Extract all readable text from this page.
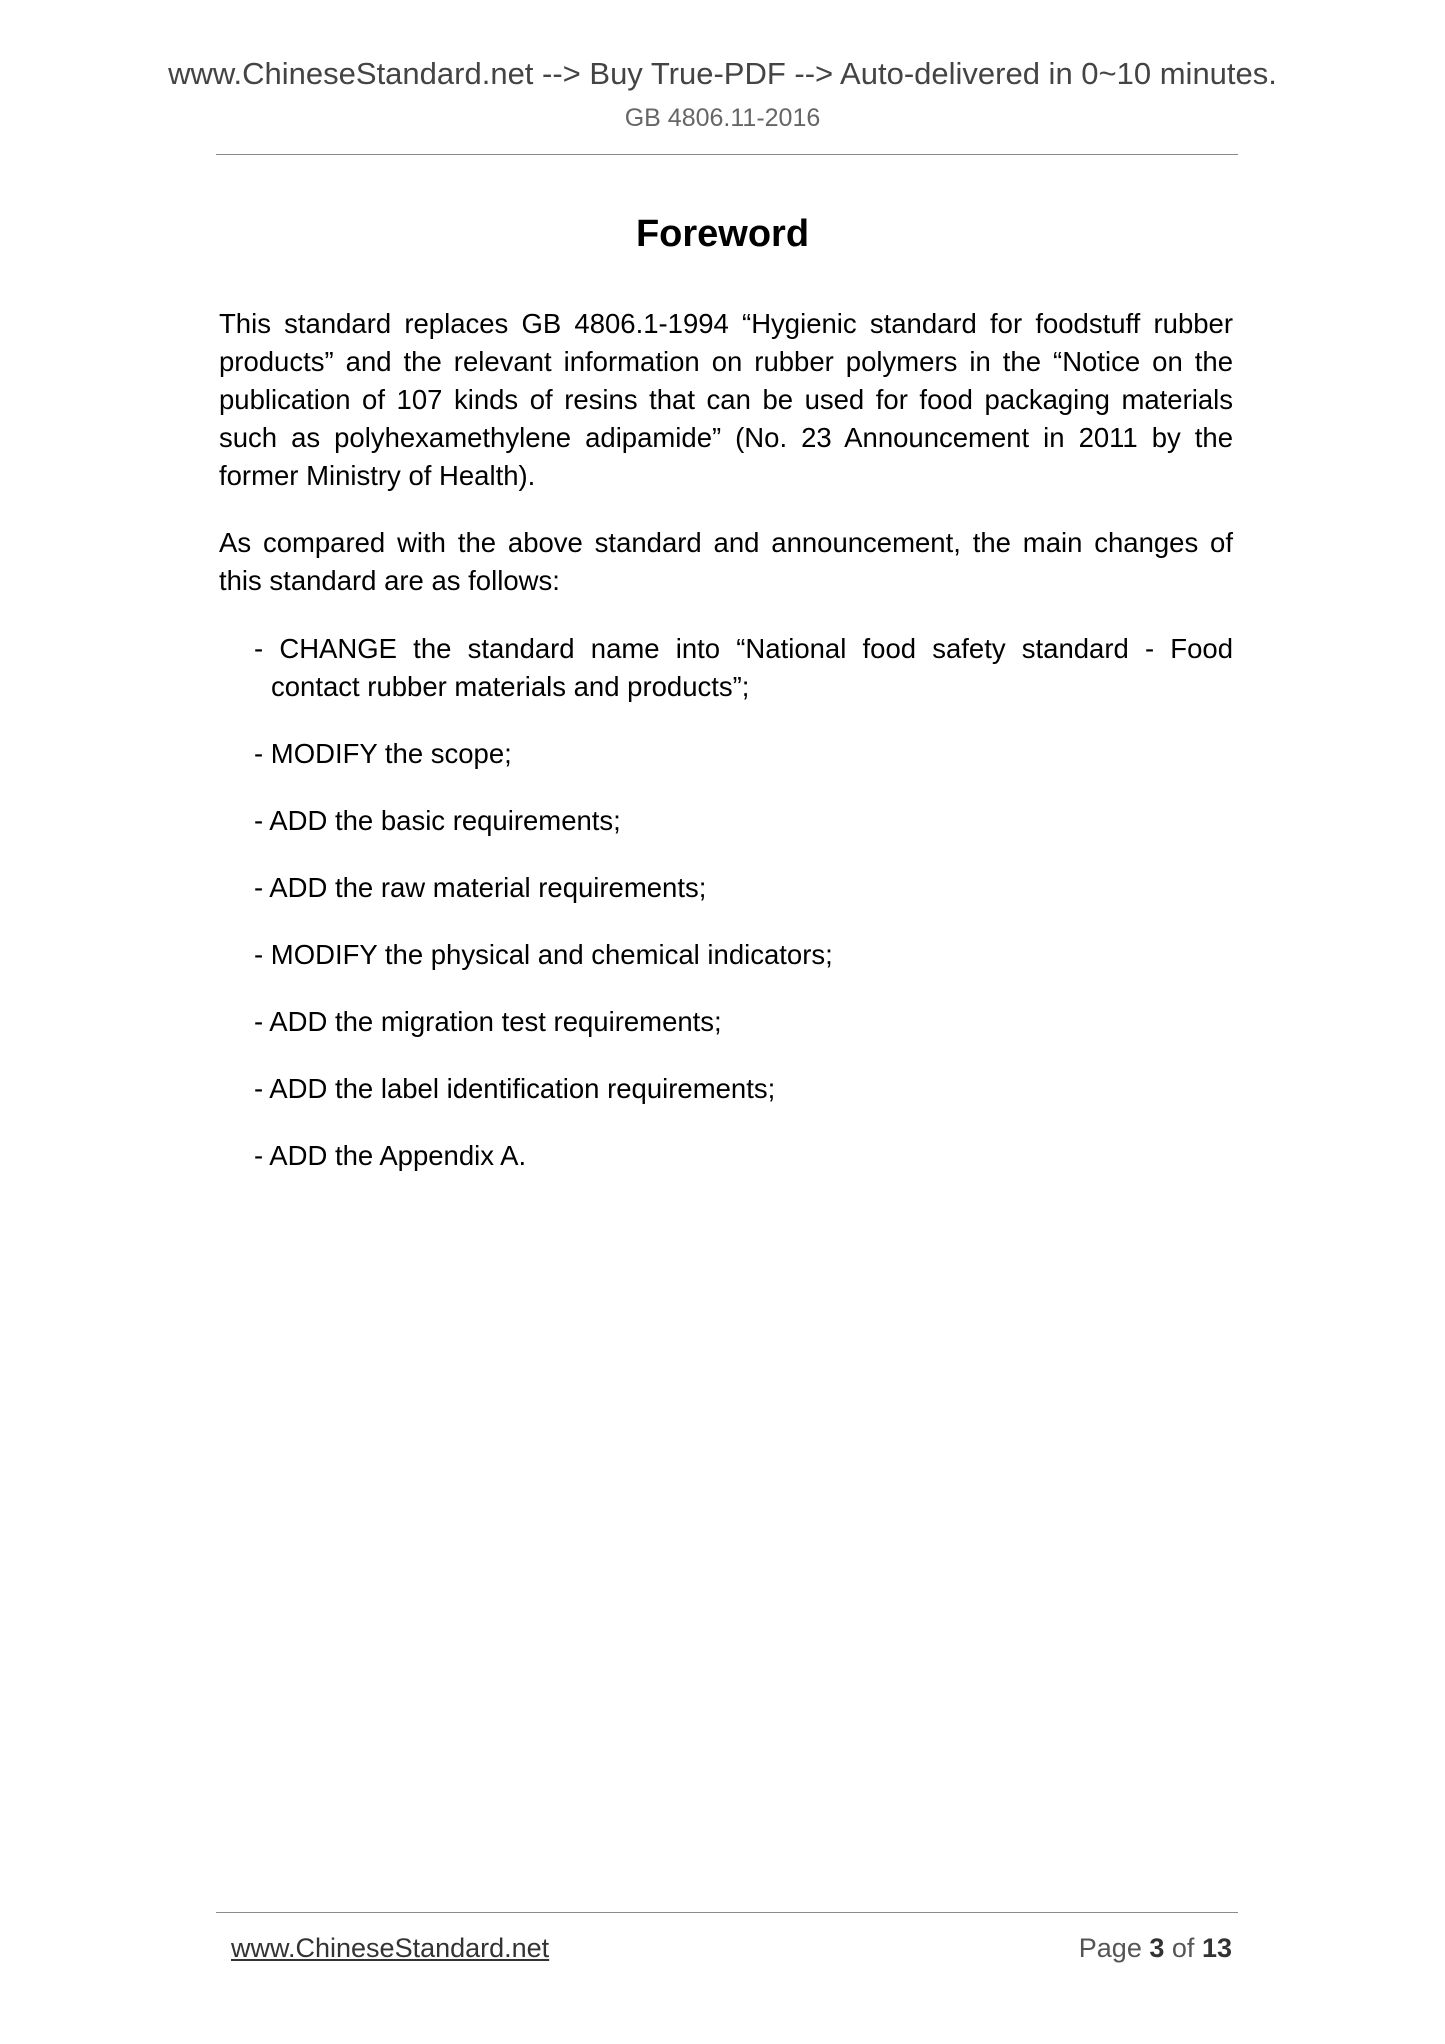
www.ChineseStandard.net --> Buy True-PDF --> Auto-delivered in 0~10 minutes.
GB 4806.11-2016
Foreword

This standard replaces GB 4806.1-1994 “Hygienic standard for foodstuff rubber products” and the relevant information on rubber polymers in the “Notice on the publication of 107 kinds of resins that can be used for food packaging materials such as polyhexamethylene adipamide” (No. 23 Announcement in 2011 by the former Ministry of Health).

As compared with the above standard and announcement, the main changes of this standard are as follows:

- CHANGE the standard name into “National food safety standard - Food contact rubber materials and products”;
- MODIFY the scope;
- ADD the basic requirements;
- ADD the raw material requirements;
- MODIFY the physical and chemical indicators;
- ADD the migration test requirements;
- ADD the label identification requirements;
- ADD the Appendix A.
www.ChineseStandard.net	Page 3 of 13
